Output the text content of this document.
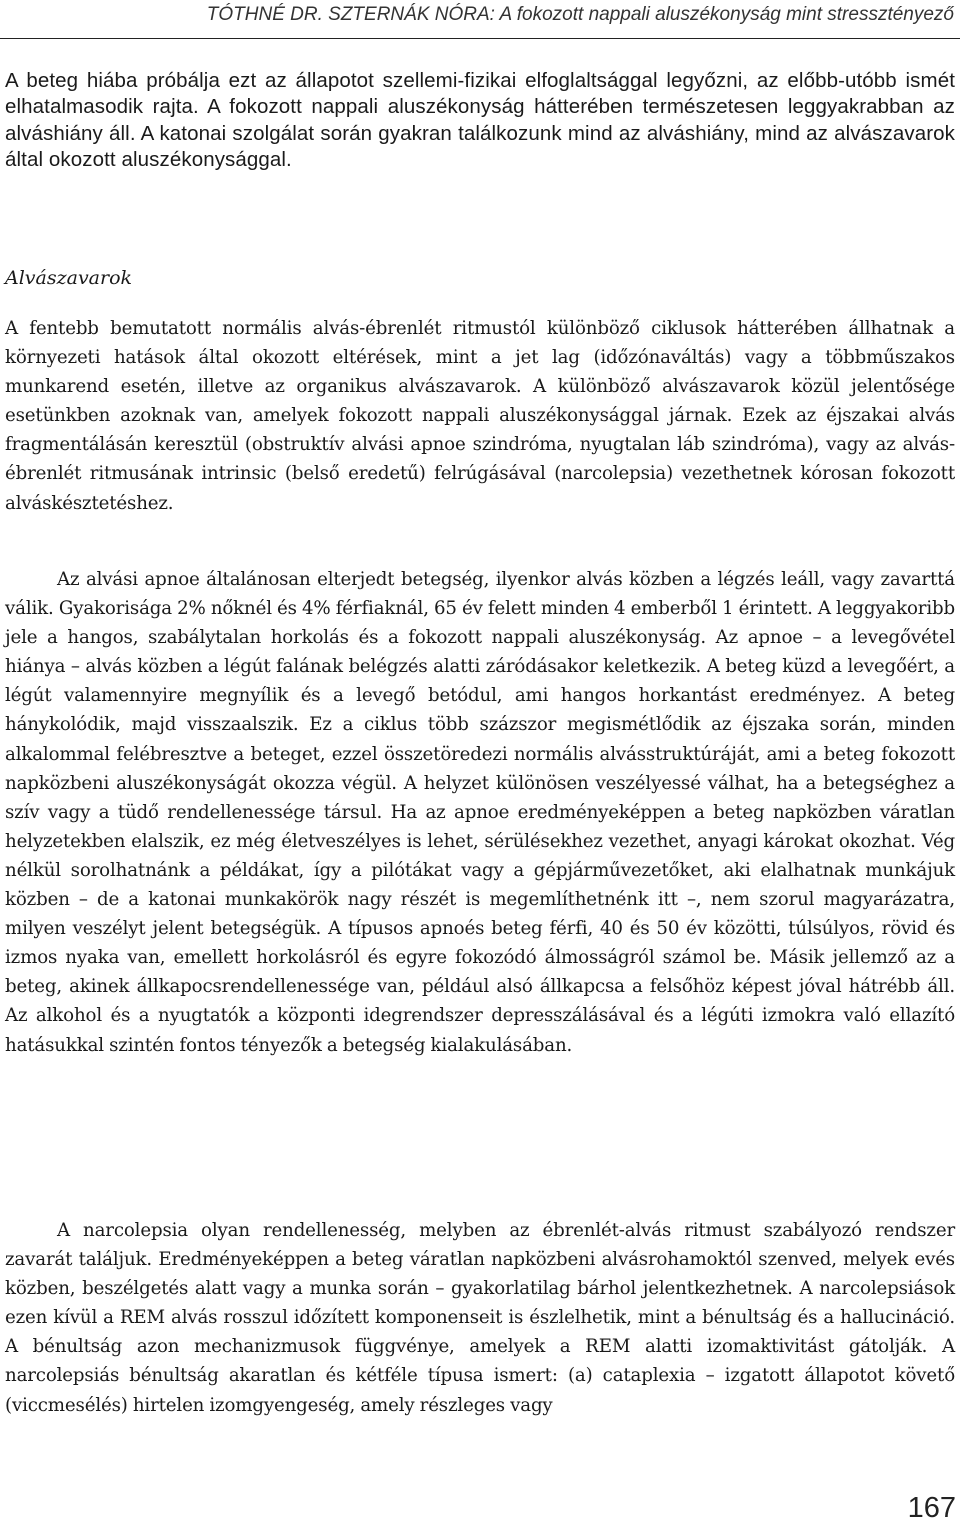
TÓTHNÉ DR. SZTERNÁK NÓRA: A fokozott nappali aluszékonyság mint stressztényező

A beteg hiába próbálja ezt az állapotot szellemi-fizikai elfoglaltsággal legyőzni, az előbb-utóbb ismét elhatalmasodik rajta. A fokozott nappali aluszékonyság hátterében természetesen leggyakrabban az alváshiány áll. A katonai szolgálat során gyakran találkozunk mind az alváshiány, mind az alvászavarok által okozott aluszékonysággal.

Alvászavarok

A fentebb bemutatott normális alvás-ébrenlét ritmustól különböző ciklusok hátterében állhatnak a környezeti hatások által okozott eltérések, mint a jet lag (időzónaváltás) vagy a többműszakos munkarend esetén, illetve az organikus alvászavarok. A különböző alvászavarok közül jelentősége esetünkben azoknak van, amelyek fokozott nappali aluszékonysággal járnak. Ezek az éjszakai alvás fragmentálásán keresztül (obstruktív alvási apnoe szindróma, nyugtalan láb szindróma), vagy az alvás-ébrenlét ritmusának intrinsic (belső eredetű) felrúgásával (narcolepsia) vezethetnek kórosan fokozott alváskésztetéshez.

Az alvási apnoe általánosan elterjedt betegség, ilyenkor alvás közben a légzés leáll, vagy zavarttá válik. Gyakorisága 2% nőknél és 4% férfiaknál, 65 év felett minden 4 emberből 1 érintett. A leggyakoribb jele a hangos, szabálytalan horkolás és a fokozott nappali aluszékonyság. Az apnoe – a levegővétel hiánya – alvás közben a légút falának belégzés alatti záródásakor keletkezik. A beteg küzd a levegőért, a légút valamennyire megnyílik és a levegő betódul, ami hangos horkantást eredményez. A beteg hánykolódik, majd visszaalszik. Ez a ciklus több százszor megismétlődik az éjszaka során, minden alkalommal felébresztve a beteget, ezzel összetöredezi normális alvásstruktúráját, ami a beteg fokozott napközbeni aluszékonyságát okozza végül. A helyzet különösen veszélyessé válhat, ha a betegséghez a szív vagy a tüdő rendellenessége társul. Ha az apnoe eredményeképpen a beteg napközben váratlan helyzetekben elalszik, ez még életveszélyes is lehet, sérülésekhez vezethet, anyagi károkat okozhat. Vég nélkül sorolhatnánk a példákat, így a pilótákat vagy a gépjárművezetőket, aki elalhatnak munkájuk közben – de a katonai munkakörök nagy részét is megemlíthetnénk itt –, nem szorul magyarázatra, milyen veszélyt jelent betegségük. A típusos apnoés beteg férfi, 40 és 50 év közötti, túlsúlyos, rövid és izmos nyaka van, emellett horkolásról és egyre fokozódó álmosságról számol be. Másik jellemző az a beteg, akinek állkapocsrendellenessége van, például alsó állkapcsa a felsőhöz képest jóval hátrébb áll. Az alkohol és a nyugtatók a központi idegrendszer depresszálásával és a légúti izmokra való ellazító hatásukkal szintén fontos tényezők a betegség kialakulásában.

A narcolepsia olyan rendellenesség, melyben az ébrenlét-alvás ritmust szabályozó rendszer zavarát találjuk. Eredményeképpen a beteg váratlan napközbeni alvásrohamoktól szenved, melyek evés közben, beszélgetés alatt vagy a munka során – gyakorlatilag bárhol jelentkezhetnek. A narcolepsiások ezen kívül a REM alvás rosszul időzített komponenseit is észlelhetik, mint a bénultság és a hallucináció. A bénultság azon mechanizmusok függvénye, amelyek a REM alatti izomaktivitást gátolják. A narcolepsiás bénultság akaratlan és kétféle típusa ismert: (a) cataplexia – izgatott állapotot követő (viccmesélés) hirtelen izomgyengeség, amely részleges vagy

167
